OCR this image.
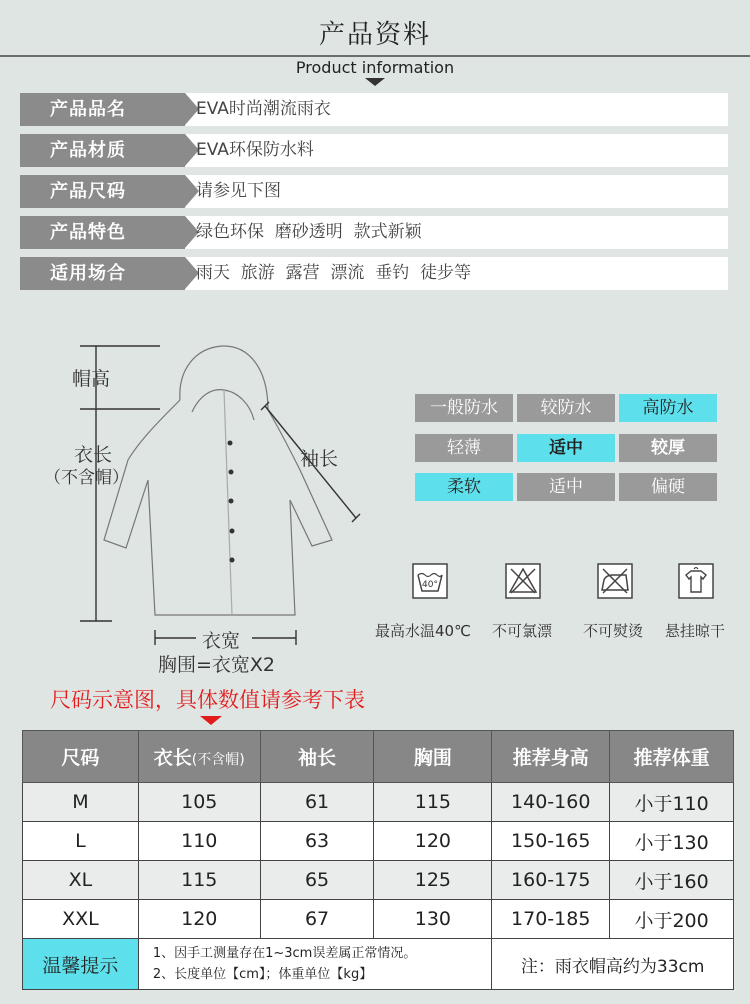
产品资料
Product information
产品品名	EVA时尚潮流雨衣
产品材质	EVA环保防水料
产品尺码	请参见下图
产品特色	绿色环保  磨砂透明  款式新颖
适用场合	雨天  旅游  露营  漂流  垂钓  徒步等
帽高
衣长
（不含帽）
袖长
衣宽
胸围=衣宽X2
一般防水	较防水	高防水
轻薄	适中	较厚
柔软	适中	偏硬
40°
最高水温40℃ 不可氯漂 不可熨烫 悬挂晾干
尺码示意图，具体数值请参考下表
尺码	衣长(不含帽)	袖长	胸围	推荐身高	推荐体重
M	105	61	115	140-160	小于110
L	110	63	120	150-165	小于130
XL	115	65	125	160-175	小于160
XXL	120	67	130	170-185	小于200
温馨提示	1、因手工测量存在1~3cm误差属正常情况。
2、长度单位【cm】；体重单位【kg】			注：雨衣帽高约为33cm	
